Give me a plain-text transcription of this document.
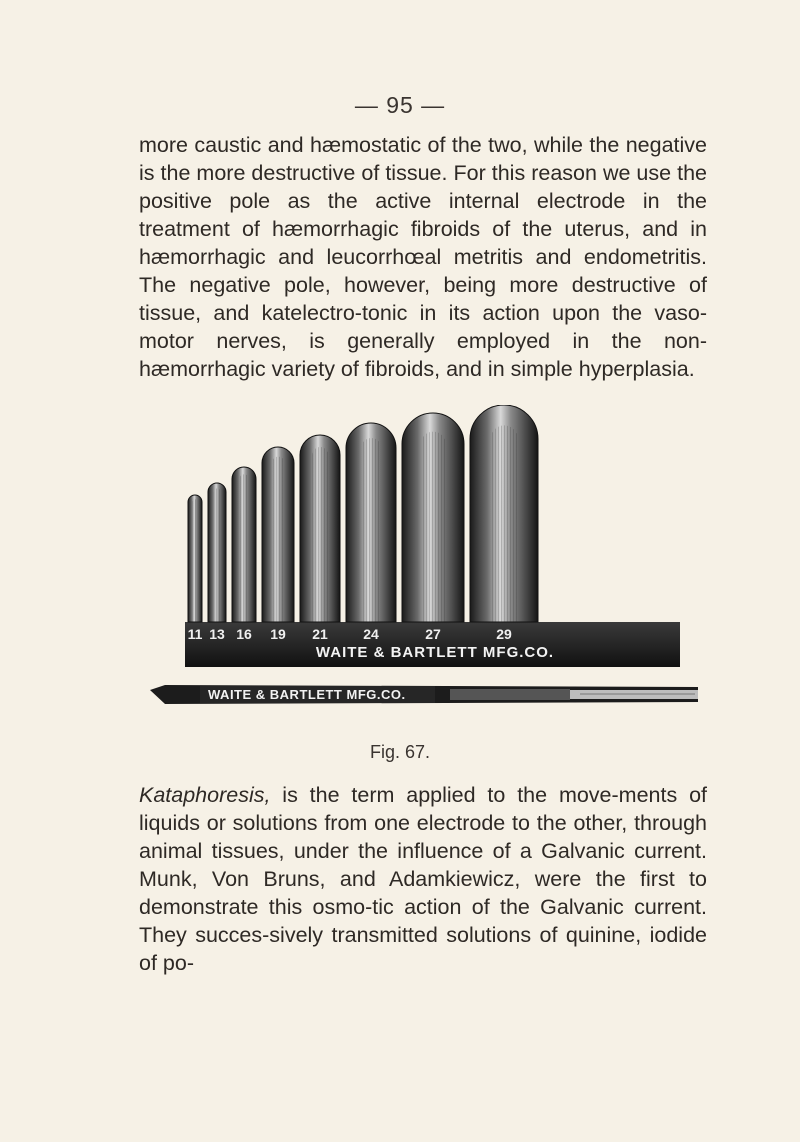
— 95 —
more caustic and hæmostatic of the two, while the negative is the more destructive of tissue. For this reason we use the positive pole as the active internal electrode in the treatment of hæmorrhagic fibroids of the uterus, and in hæmorrhagic and leucorrhœal metritis and endometritis. The negative pole, however, being more destructive of tissue, and katelectro-tonic in its action upon the vaso-motor nerves, is generally employed in the non-hæmorrhagic variety of fibroids, and in simple hyperplasia.
11 13 16 19 21	24	27	29
WAITE & BARTLETT MFG.CO.
WAITE & BARTLETT MFG.CO.
Fig. 67.
Kataphoresis, is the term applied to the move-ments of liquids or solutions from one electrode to the other, through animal tissues, under the influence of a Galvanic current. Munk, Von Bruns, and Adamkiewicz, were the first to demonstrate this osmo-tic action of the Galvanic current. They succes-sively transmitted solutions of quinine, iodide of po-
